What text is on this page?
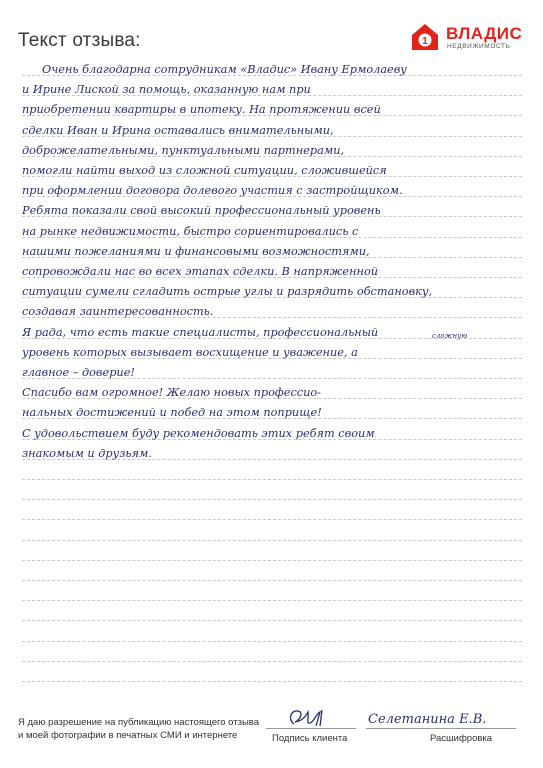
Текст отзыва:	1 ВЛАДИС
НЕДВИЖИМОСТЬ
Очень благодарна сотрудникам «Владис» Ивану Ермолаеву
и Ирине Лиской за помощь, оказанную нам при
приобретении квартиры в ипотеку. На протяжении всей
сделки Иван и Ирина оставались внимательными,
доброжелательными, пунктуальными партнерами,
помогли найти выход из сложной ситуации, сложившейся
при оформлении договора долевого участия с застройщиком.
Ребята показали свой высокий профессиональный уровень
на рынке недвижимости, быстро сориентировались с
нашими пожеланиями и финансовыми возможностями,
сопровождали нас во всех этапах сделки. В напряженной
ситуации сумели сгладить острые углы и разрядить обстановку,
создавая заинтересованность.
Я рада, что есть такие специалисты, профессиональный
уровень которых вызывает восхищение и уважение, а
главное – доверие!
Спасибо вам огромное! Желаю новых профессио-
нальных достижений и побед на этом поприще!
С удовольствием буду рекомендовать этих ребят своим
знакомым и друзьям.
сложную
Я даю разрешение на публикацию настоящего отзыва
и моей фотографии в печатных СМИ и интернете	Подпись клиента
Селетанина Е.В.
Расшифровка
